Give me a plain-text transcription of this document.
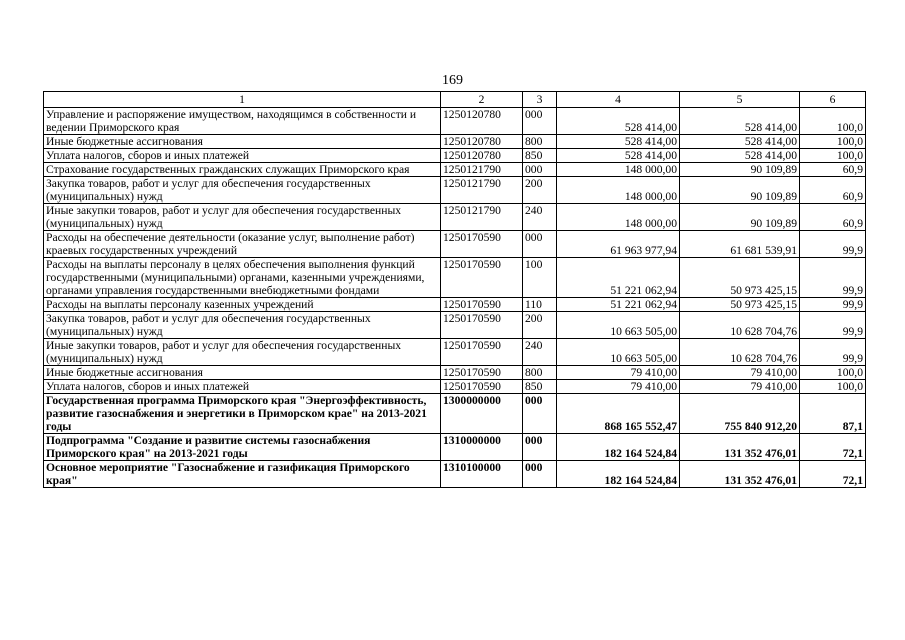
169
1	2	3	4	5	6
Управление и распоряжение имуществом, находящимся в собственности и ведении Приморского края	1250120780	000	528 414,00	528 414,00	100,0
Иные бюджетные ассигнования	1250120780	800	528 414,00	528 414,00	100,0
Уплата налогов, сборов и иных платежей	1250120780	850	528 414,00	528 414,00	100,0
Страхование государственных гражданских служащих Приморского края	1250121790	000	148 000,00	90 109,89	60,9
Закупка товаров, работ и услуг для обеспечения государственных (муниципальных) нужд	1250121790	200	148 000,00	90 109,89	60,9
Иные закупки товаров, работ и услуг для обеспечения государственных (муниципальных) нужд	1250121790	240	148 000,00	90 109,89	60,9
Расходы на обеспечение деятельности (оказание услуг, выполнение работ) краевых государственных учреждений	1250170590	000	61 963 977,94	61 681 539,91	99,9
Расходы на выплаты персоналу в целях обеспечения выполнения функций государственными (муниципальными) органами, казенными учреждениями, органами управления государственными внебюджетными фондами	1250170590	100	51 221 062,94	50 973 425,15	99,9
Расходы на выплаты персоналу казенных учреждений	1250170590	110	51 221 062,94	50 973 425,15	99,9
Закупка товаров, работ и услуг для обеспечения государственных (муниципальных) нужд	1250170590	200	10 663 505,00	10 628 704,76	99,9
Иные закупки товаров, работ и услуг для обеспечения государственных (муниципальных) нужд	1250170590	240	10 663 505,00	10 628 704,76	99,9
Иные бюджетные ассигнования	1250170590	800	79 410,00	79 410,00	100,0
Уплата налогов, сборов и иных платежей	1250170590	850	79 410,00	79 410,00	100,0
Государственная программа Приморского края "Энергоэффективность, развитие газоснабжения и энергетики в Приморском крае" на 2013-2021 годы	1300000000	000	868 165 552,47	755 840 912,20	87,1
Подпрограмма "Создание и развитие системы газоснабжения Приморского края" на 2013-2021 годы	1310000000	000	182 164 524,84	131 352 476,01	72,1
Основное мероприятие "Газоснабжение и газификация Приморского края"	1310100000	000	182 164 524,84	131 352 476,01	72,1
